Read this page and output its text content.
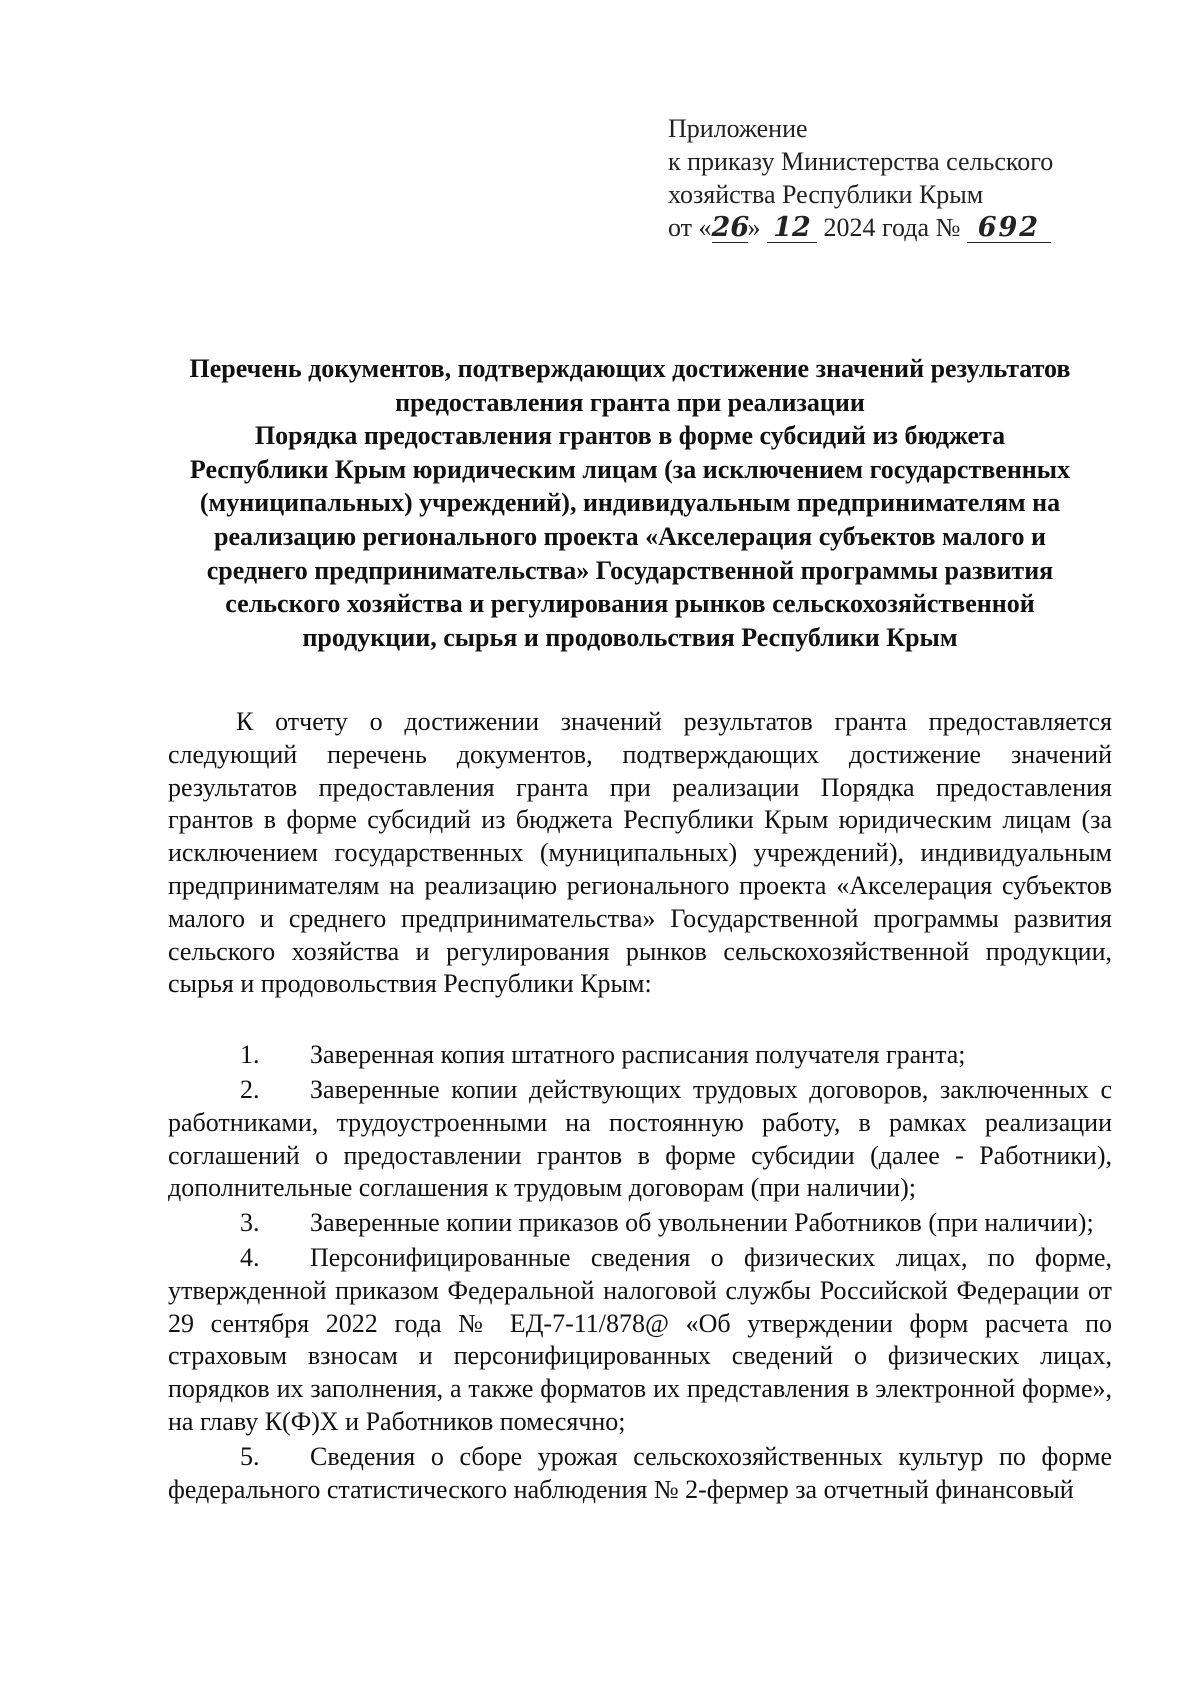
Приложение
к приказу Министерства сельского
хозяйства Республики Крым
от «26» 12 2024 года № 692
Перечень документов, подтверждающих достижение значений результатов
предоставления гранта при реализации
Порядка предоставления грантов в форме субсидий из бюджета
Республики Крым юридическим лицам (за исключением государственных
(муниципальных) учреждений), индивидуальным предпринимателям на
реализацию регионального проекта «Акселерация субъектов малого и
среднего предпринимательства» Государственной программы развития
сельского хозяйства и регулирования рынков сельскохозяйственной
продукции, сырья и продовольствия Республики Крым

К отчету о достижении значений результатов гранта предоставляется следующий перечень документов, подтверждающих достижение значений результатов предоставления гранта при реализации Порядка предоставления грантов в форме субсидий из бюджета Республики Крым юридическим лицам (за исключением государственных (муниципальных) учреждений), индивидуальным предпринимателям на реализацию регионального проекта «Акселерация субъектов малого и среднего предпринимательства» Государственной программы развития сельского хозяйства и регулирования рынков сельскохозяйственной продукции, сырья и продовольствия Республики Крым:

1. Заверенная копия штатного расписания получателя гранта;
2. Заверенные копии действующих трудовых договоров, заключенных с работниками, трудоустроенными на постоянную работу, в рамках реализации соглашений о предоставлении грантов в форме субсидии (далее - Работники), дополнительные соглашения к трудовым договорам (при наличии);
3. Заверенные копии приказов об увольнении Работников (при наличии);
4. Персонифицированные сведения о физических лицах, по форме, утвержденной приказом Федеральной налоговой службы Российской Федерации от 29 сентября 2022 года № ЕД-7-11/878@ «Об утверждении форм расчета по страховым взносам и персонифицированных сведений о физических лицах, порядков их заполнения, а также форматов их представления в электронной форме», на главу К(Ф)Х и Работников помесячно;
5. Сведения о сборе урожая сельскохозяйственных культур по форме федерального статистического наблюдения № 2-фермер за отчетный финансовый
